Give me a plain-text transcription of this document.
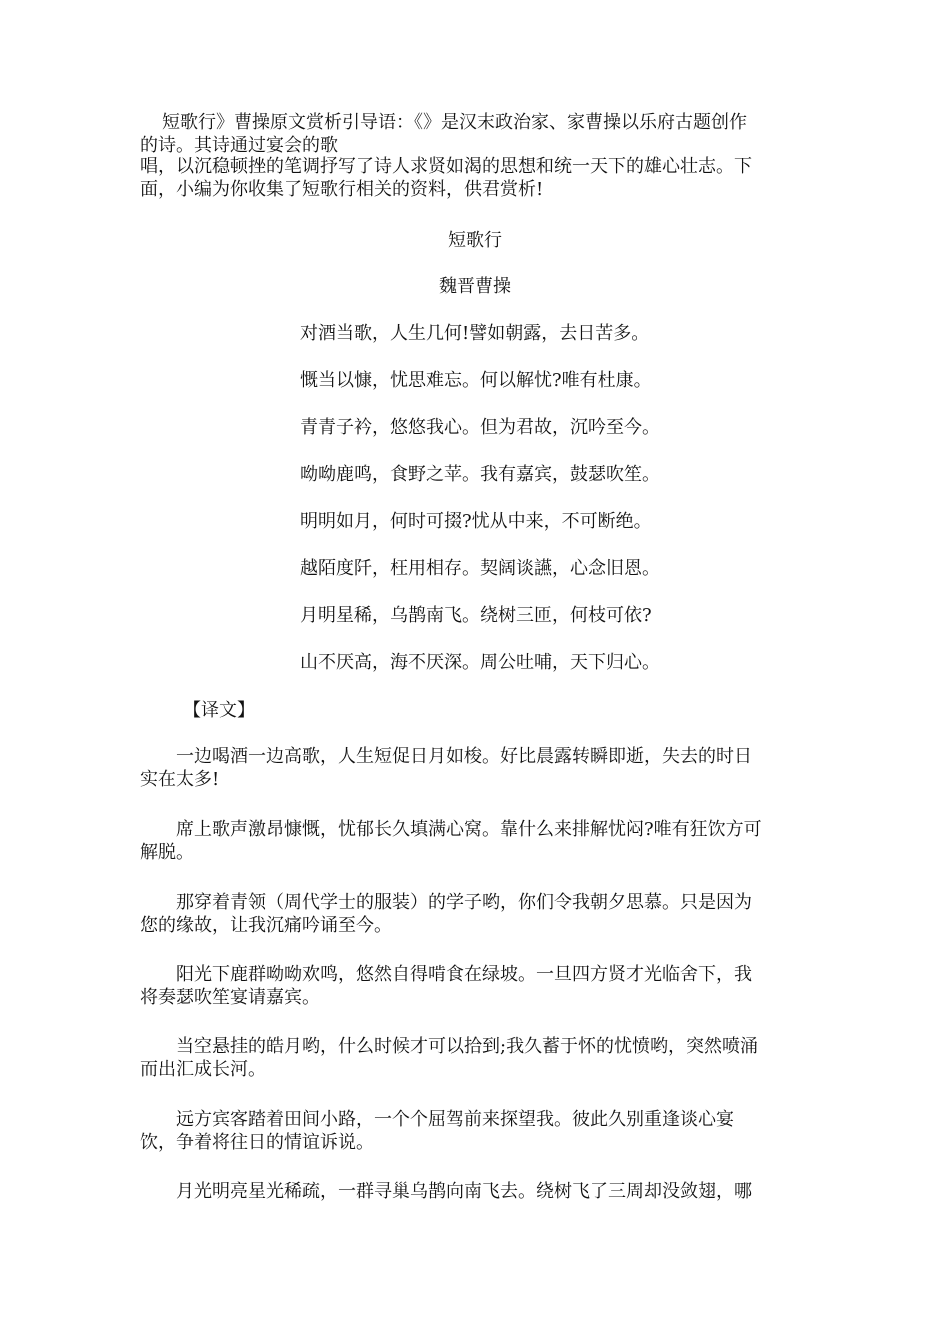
短歌行》曹操原文赏析引导语：《》是汉末政治家、家曹操以乐府古题创作

的诗。其诗通过宴会的歌

唱，以沉稳顿挫的笔调抒写了诗人求贤如渴的思想和统一天下的雄心壮志。下
面，小编为你收集了短歌行相关的资料，供君赏析!

短歌行

魏晋曹操

对酒当歌，人生几何!譬如朝露，去日苦多。

慨当以慷，忧思难忘。何以解忧?唯有杜康。

青青子衿，悠悠我心。但为君故，沉吟至今。

呦呦鹿鸣，食野之苹。我有嘉宾，鼓瑟吹笙。

明明如月，何时可掇?忧从中来，不可断绝。

越陌度阡，枉用相存。契阔谈讌，心念旧恩。

月明星稀，乌鹊南飞。绕树三匝，何枝可依?

山不厌高，海不厌深。周公吐哺，天下归心。

【译文】

一边喝酒一边高歌，人生短促日月如梭。好比晨露转瞬即逝，失去的时日
实在太多!
席上歌声激昂慷慨，忧郁长久填满心窝。靠什么来排解忧闷?唯有狂饮方可
解脱。
那穿着青领（周代学士的服装）的学子哟，你们令我朝夕思慕。只是因为
您的缘故，让我沉痛吟诵至今。
阳光下鹿群呦呦欢鸣，悠然自得啃食在绿坡。一旦四方贤才光临舍下，我
将奏瑟吹笙宴请嘉宾。
当空悬挂的皓月哟，什么时候才可以拾到;我久蓄于怀的忧愤哟，突然喷涌
而出汇成长河。
远方宾客踏着田间小路，一个个屈驾前来探望我。彼此久别重逢谈心宴
饮，争着将往日的情谊诉说。
月光明亮星光稀疏，一群寻巢乌鹊向南飞去。绕树飞了三周却没敛翅，哪
